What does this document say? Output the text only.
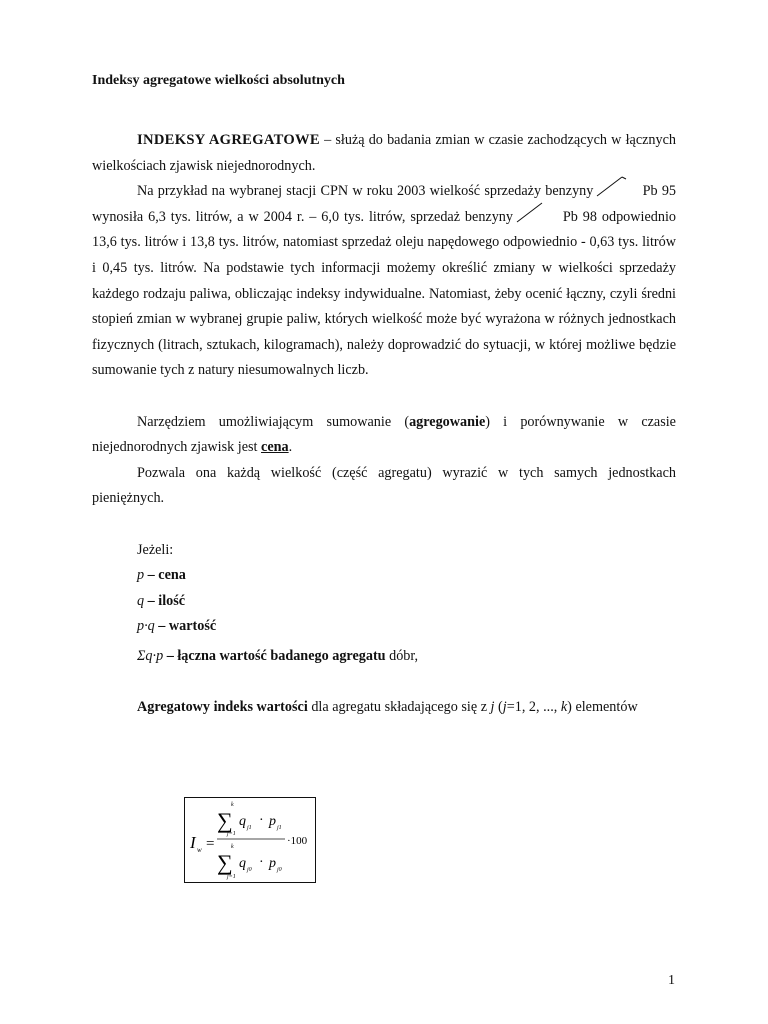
Indeksy agregatowe wielkości absolutnych

INDEKSY AGREGATOWE – służą do badania zmian w czasie zachodzących w łącznych wielkościach zjawisk niejednorodnych.

Na przykład na wybranej stacji CPN w roku 2003 wielkość sprzedaży benzyny	Pb
95 wynosiła 6,3 tys. litrów, a w 2004 r. – 6,0 tys. litrów, sprzedaż benzyny	Pb
98 odpowiednio 13,6 tys. litrów i 13,8 tys. litrów, natomiast sprzedaż oleju napędowego odpowiednio - 0,63 tys. litrów i 0,45 tys. litrów. Na podstawie tych informacji możemy określić zmiany w wielkości sprzedaży każdego rodzaju paliwa, obliczając indeksy indywidualne. Natomiast, żeby ocenić łączny, czyli średni stopień zmian w wybranej grupie paliw, których wielkość może być wyrażona w różnych jednostkach fizycznych (litrach, sztukach, kilogramach), należy doprowadzić do sytuacji, w której możliwe będzie sumowanie tych z natury niesumowalnych liczb.

Narzędziem umożliwiającym sumowanie (agregowanie) i porównywanie w czasie niejednorodnych zjawisk jest cena.

Pozwala ona każdą wielkość (część agregatu) wyrazić w tych samych jednostkach pieniężnych.

Jeżeli:
p – cena
q – ilość
p·q – wartość
Σq·p – łączna wartość badanego agregatu dóbr,

Agregatowy indeks wartości dla agregatu składającego się z j (j=1, 2, ..., k) elementów

I w =
k
∑
j=1
q j1 · p j1
·100
k
∑
j=1
q j0 · p j0
1
